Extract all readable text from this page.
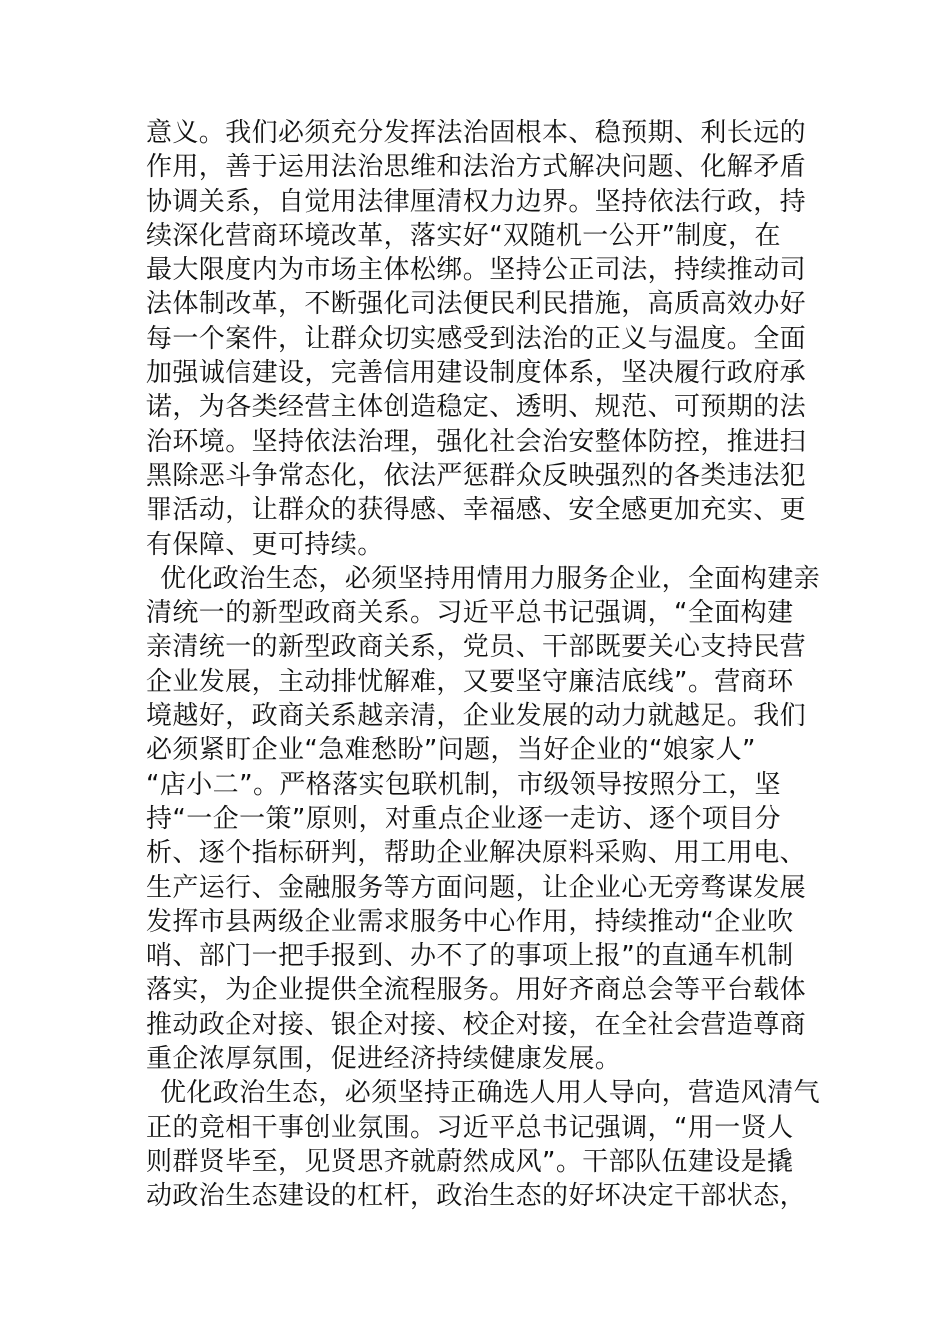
意义。我们必须充分发挥法治固根本、稳预期、利长远的
作用，善于运用法治思维和法治方式解决问题、化解矛盾
协调关系，自觉用法律厘清权力边界。坚持依法行政，持
续深化营商环境改革，落实好“双随机一公开”制度，在
最大限度内为市场主体松绑。坚持公正司法，持续推动司
法体制改革，不断强化司法便民利民措施，高质高效办好
每一个案件，让群众切实感受到法治的正义与温度。全面
加强诚信建设，完善信用建设制度体系，坚决履行政府承
诺，为各类经营主体创造稳定、透明、规范、可预期的法
治环境。坚持依法治理，强化社会治安整体防控，推进扫
黑除恶斗争常态化，依法严惩群众反映强烈的各类违法犯
罪活动，让群众的获得感、幸福感、安全感更加充实、更
有保障、更可持续。
优化政治生态，必须坚持用情用力服务企业，全面构建亲
清统一的新型政商关系。习近平总书记强调，“全面构建
亲清统一的新型政商关系，党员、干部既要关心支持民营
企业发展，主动排忧解难，又要坚守廉洁底线”。营商环
境越好，政商关系越亲清，企业发展的动力就越足。我们
必须紧盯企业“急难愁盼”问题，当好企业的“娘家人”
“店小二”。严格落实包联机制，市级领导按照分工，坚
持“一企一策”原则，对重点企业逐一走访、逐个项目分
析、逐个指标研判，帮助企业解决原料采购、用工用电、
生产运行、金融服务等方面问题，让企业心无旁骛谋发展
发挥市县两级企业需求服务中心作用，持续推动“企业吹
哨、部门一把手报到、办不了的事项上报”的直通车机制
落实，为企业提供全流程服务。用好齐商总会等平台载体
推动政企对接、银企对接、校企对接，在全社会营造尊商
重企浓厚氛围，促进经济持续健康发展。
优化政治生态，必须坚持正确选人用人导向，营造风清气
正的竞相干事创业氛围。习近平总书记强调，“用一贤人
则群贤毕至，见贤思齐就蔚然成风”。干部队伍建设是撬
动政治生态建设的杠杆，政治生态的好坏决定干部状态，
